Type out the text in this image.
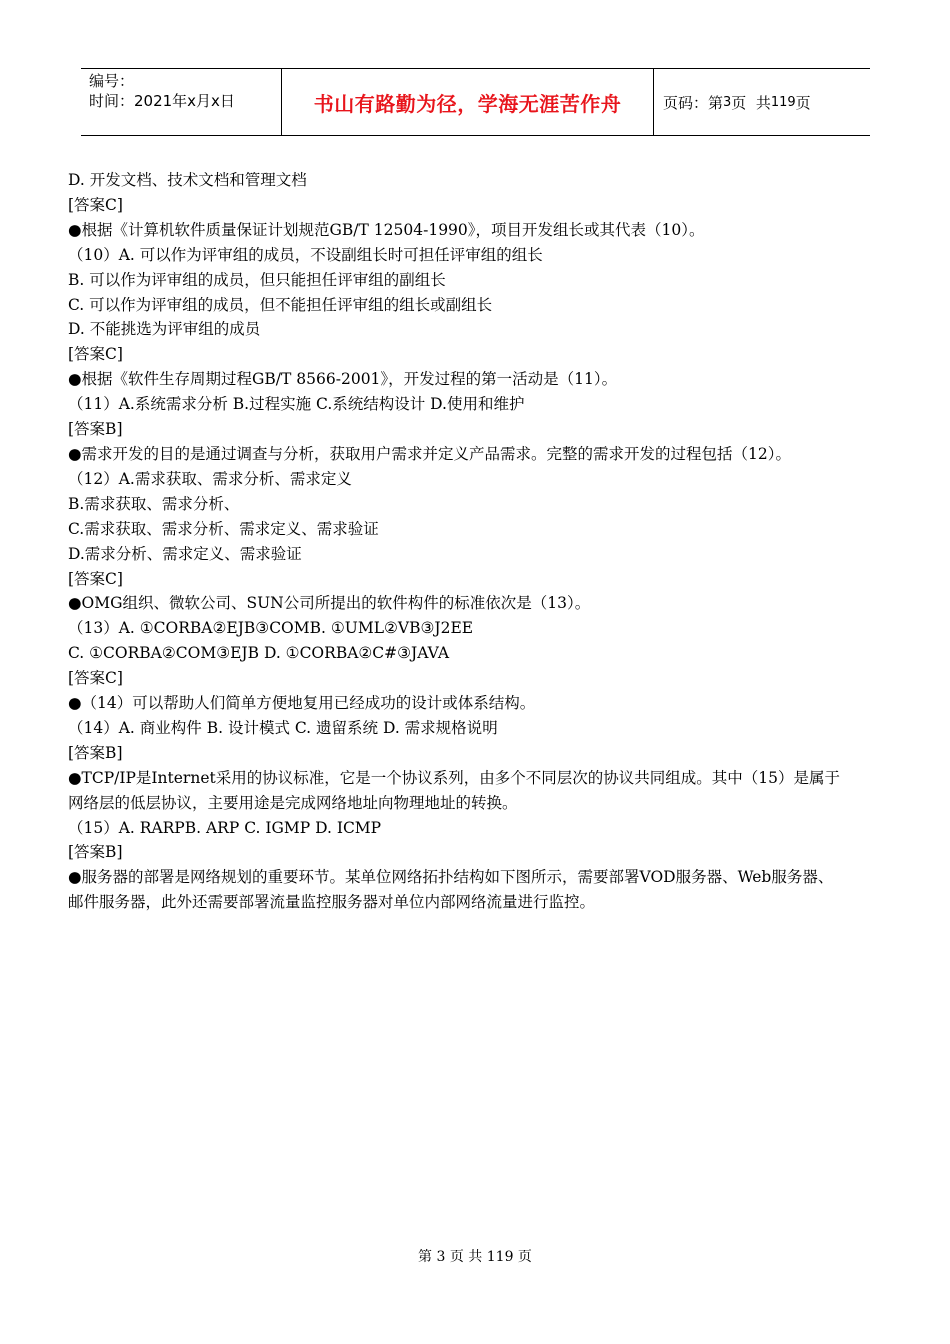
编号：
时间：2021年x月x日	书山有路勤为径，学海无涯苦作舟	页码：第 3 页  共 119 页

D. 开发文档、技术文档和管理文档

[答案C]

●根据《计算机软件质量保证计划规范GB/T 12504-1990》，项目开发组长或其代表（10）。

（10）A. 可以作为评审组的成员，不设副组长时可担任评审组的组长

B. 可以作为评审组的成员，但只能担任评审组的副组长

C. 可以作为评审组的成员，但不能担任评审组的组长或副组长

D. 不能挑选为评审组的成员

[答案C]

●根据《软件生存周期过程GB/T 8566-2001》，开发过程的第一活动是（11）。

（11）A.系统需求分析 B.过程实施 C.系统结构设计 D.使用和维护

[答案B]

●需求开发的目的是通过调查与分析，获取用户需求并定义产品需求。完整的需求开发的过程包括（12）。

（12）A.需求获取、需求分析、需求定义

B.需求获取、需求分析、

C.需求获取、需求分析、需求定义、需求验证

D.需求分析、需求定义、需求验证

[答案C]

●OMG组织、微软公司、SUN公司所提出的软件构件的标准依次是（13）。

（13）A. ①CORBA②EJB③COMB. ①UML②VB③J2EE

C. ①CORBA②COM③EJB D. ①CORBA②C#③JAVA

[答案C]

●（14）可以帮助人们简单方便地复用已经成功的设计或体系结构。

（14）A. 商业构件 B. 设计模式 C. 遗留系统 D. 需求规格说明

[答案B]

●TCP/IP是Internet采用的协议标准，它是一个协议系列，由多个不同层次的协议共同组成。其中（15）是属于

网络层的低层协议，主要用途是完成网络地址向物理地址的转换。

（15）A. RARPB. ARP C. IGMP D. ICMP

[答案B]

●服务器的部署是网络规划的重要环节。某单位网络拓扑结构如下图所示，需要部署VOD服务器、Web服务器、

邮件服务器，此外还需要部署流量监控服务器对单位内部网络流量进行监控。

第 3 页 共 119 页
